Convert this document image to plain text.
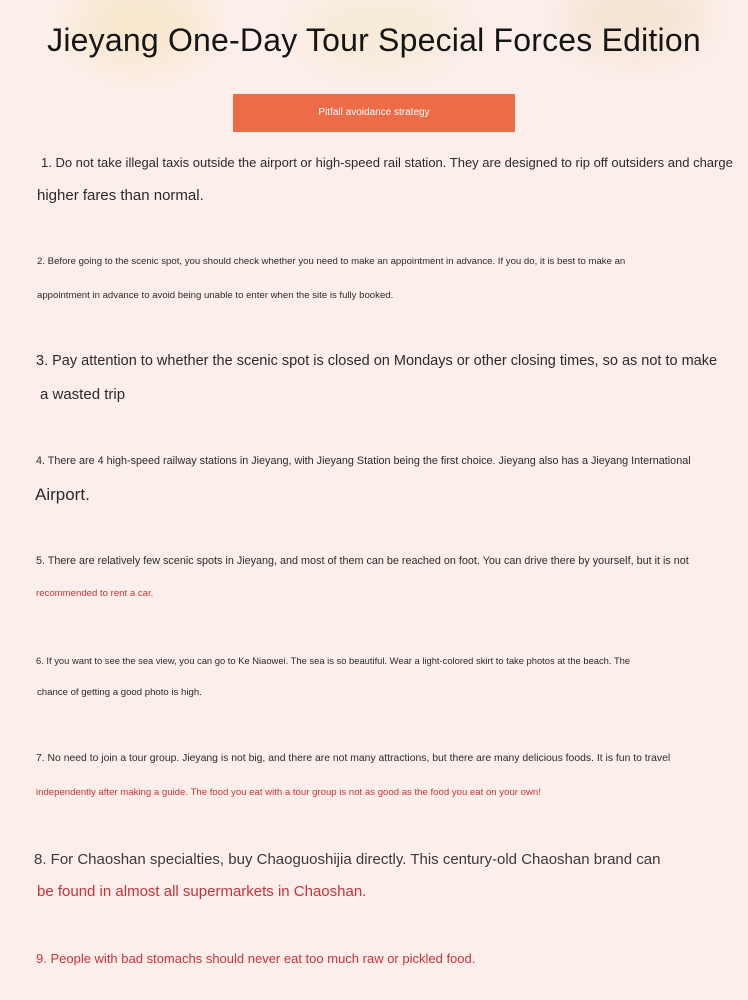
Jieyang One-Day Tour Special Forces Edition
Pitfall avoidance strategy

1. Do not take illegal taxis outside the airport or high-speed rail station. They are designed to rip off outsiders and charge

higher fares than normal.

2. Before going to the scenic spot, you should check whether you need to make an appointment in advance. If you do, it is best to make an

appointment in advance to avoid being unable to enter when the site is fully booked.

3. Pay attention to whether the scenic spot is closed on Mondays or other closing times, so as not to make

a wasted trip

4. There are 4 high-speed railway stations in Jieyang, with Jieyang Station being the first choice. Jieyang also has a Jieyang International

Airport.

5. There are relatively few scenic spots in Jieyang, and most of them can be reached on foot. You can drive there by yourself, but it is not

recommended to rent a car.

6. If you want to see the sea view, you can go to Ke Niaowei. The sea is so beautiful. Wear a light-colored skirt to take photos at the beach. The

chance of getting a good photo is high.

7. No need to join a tour group. Jieyang is not big, and there are not many attractions, but there are many delicious foods. It is fun to travel

independently after making a guide. The food you eat with a tour group is not as good as the food you eat on your own!

8. For Chaoshan specialties, buy Chaoguoshijia directly. This century-old Chaoshan brand can

be found in almost all supermarkets in Chaoshan.

9. People with bad stomachs should never eat too much raw or pickled food.
